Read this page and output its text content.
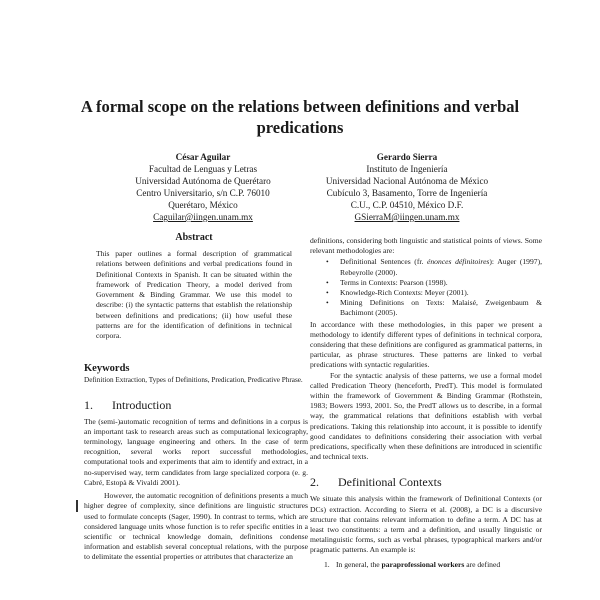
A formal scope on the relations between definitions and verbal predications
César Aguilar
Facultad de Lenguas y Letras
Universidad Autónoma de Querétaro
Centro Universitario, s/n C.P. 76010
Querétaro, México
Caguilar@iingen.unam.mx
Gerardo Sierra
Instituto de Ingeniería
Universidad Nacional Autónoma de México
Cubículo 3, Basamento, Torre de Ingeniería
C.U., C.P. 04510, México D.F.
GSierraM@iingen.unam.mx
Abstract

This paper outlines a formal description of grammatical relations between definitions and verbal predications found in Definitional Contexts in Spanish. It can be situated within the framework of Predication Theory, a model derived from Government & Binding Grammar. We use this model to describe: (i) the syntactic patterns that establish the relationship between definitions and predications; (ii) how useful these patterns are for the identification of definitions in technical corpora.

Keywords

Definition Extraction, Types of Definitions, Predication, Predicative Phrase.

1. Introduction

The (semi-)automatic recognition of terms and definitions in a corpus is an important task to research areas such as computational lexicography, terminology, language engineering and others. In the case of term recognition, several works report successful methodologies, computational tools and experiments that aim to identify and extract, in a no-supervised way, term candidates from large specialized corpora (e. g. Cabré, Estopà & Vivaldi 2001).

However, the automatic recognition of definitions presents a much higher degree of complexity, since definitions are linguistic structures used to formulate concepts (Sager, 1990). In contrast to terms, which are considered language units whose function is to refer specific entities in a scientific or technical knowledge domain, definitions condense information and establish several conceptual relations, with the purpose to delimitate the essential properties or attributes that characterize an

definitions, considering both linguistic and statistical points of views. Some relevant methodologies are:

• Definitional Sentences (fr. énonces définitoires): Auger (1997), Rebeyrolle (2000).
• Terms in Contexts: Pearson (1998).
• Knowledge-Rich Contexts: Meyer (2001).
• Mining Definitions on Texts: Malaisé, Zweigenbaum & Bachimont (2005).

In accordance with these methodologies, in this paper we present a methodology to identify different types of definitions in technical corpora, considering that these definitions are configured as grammatical patterns, in particular, as phrase structures. These patterns are linked to verbal predications with syntactic regularities.

For the syntactic analysis of these patterns, we use a formal model called Predication Theory (henceforth, PredT). This model is formulated within the framework of Government & Binding Grammar (Rothstein, 1983; Bowers 1993, 2001. So, the PredT allows us to describe, in a formal way, the grammatical relations that definitions establish with verbal predications. Taking this relationship into account, it is possible to identify good candidates to definitions considering their association with verbal predications, specifically when these definitions are introduced in scientific and technical texts.

2. Definitional Contexts

We situate this analysis within the framework of Definitional Contexts (or DCs) extraction. According to Sierra et al. (2008), a DC is a discursive structure that contains relevant information to define a term. A DC has at least two constituents: a term and a definition, and usually linguistic or metalinguistic forms, such as verbal phrases, typographical markers and/or pragmatic patterns. An example is:

1. In general, the paraprofessional workers are defined
